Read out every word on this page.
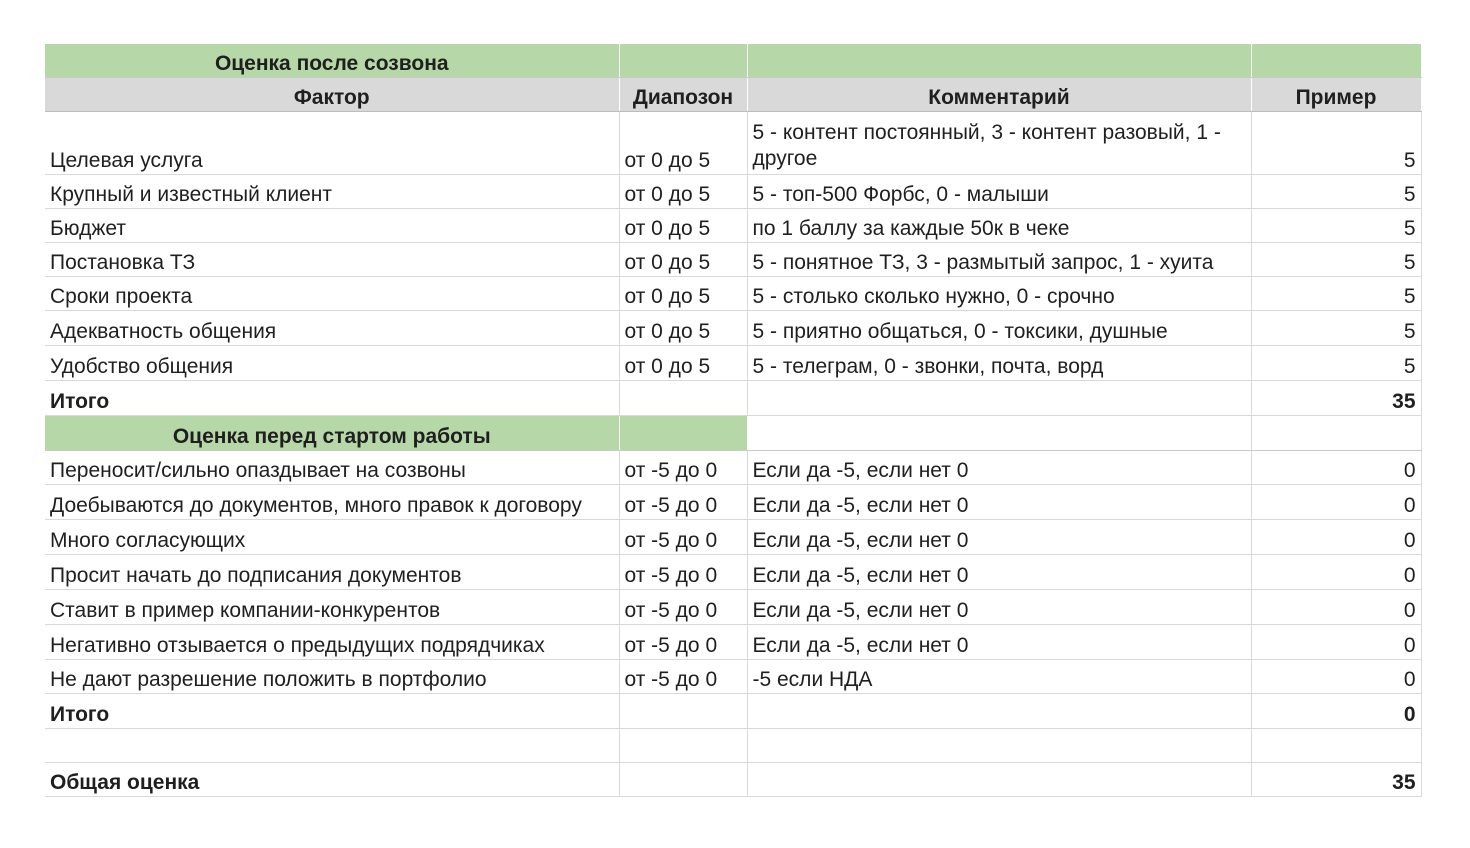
Оценка после созвона			
Фактор	Диапозон	Комментарий	Пример
Целевая услуга	от 0 до 5	5 - контент постоянный, 3 - контент разовый, 1 - другое	5
Крупный и известный клиент	от 0 до 5	5 - топ-500 Форбс, 0 - малыши	5
Бюджет	от 0 до 5	по 1 баллу за каждые 50к в чеке	5
Постановка ТЗ	от 0 до 5	5 - понятное ТЗ, 3 - размытый запрос, 1 - хуита	5
Сроки проекта	от 0 до 5	5 - столько сколько нужно, 0 - срочно	5
Адекватность общения	от 0 до 5	5 - приятно общаться, 0 - токсики, душные	5
Удобство общения	от 0 до 5	5 - телеграм, 0 - звонки, почта, ворд	5
Итого			35
Оценка перед стартом работы			
Переносит/сильно опаздывает на созвоны	от -5 до 0	Если да -5, если нет 0	0
Доебываются до документов, много правок к договору	от -5 до 0	Если да -5, если нет 0	0
Много согласующих	от -5 до 0	Если да -5, если нет 0	0
Просит начать до подписания документов	от -5 до 0	Если да -5, если нет 0	0
Ставит в пример компании-конкурентов	от -5 до 0	Если да -5, если нет 0	0
Негативно отзывается о предыдущих подрядчиках	от -5 до 0	Если да -5, если нет 0	0
Не дают разрешение положить в портфолио	от -5 до 0	-5 если НДА	0
Итого			0

Общая оценка			35
